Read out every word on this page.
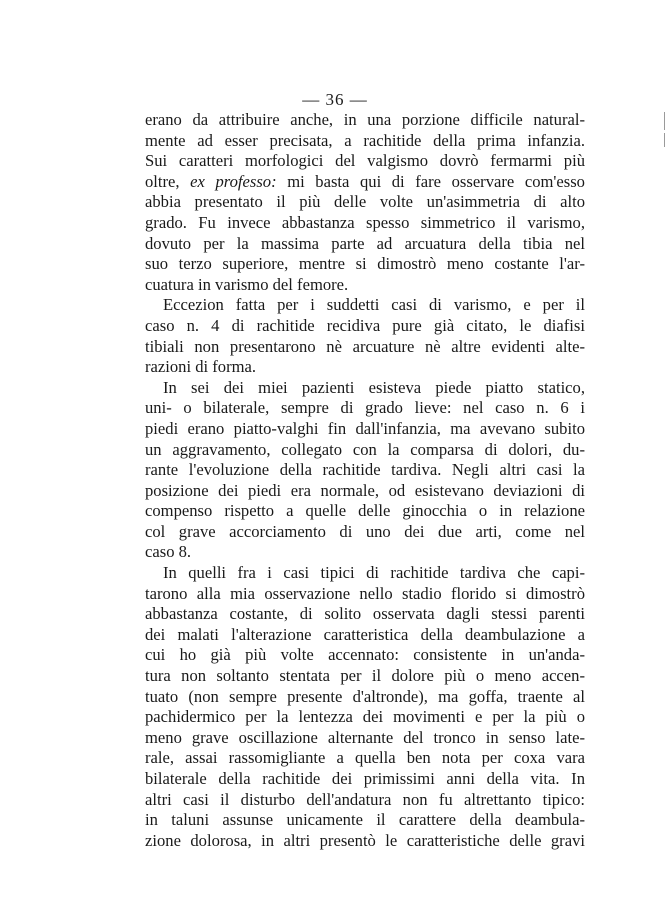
— 36 —
erano da attribuire anche, in una porzione difficile natural-
mente ad esser precisata, a rachitide della prima infanzia.
Sui caratteri morfologici del valgismo dovrò fermarmi più
oltre, ex professo: mi basta qui di fare osservare com'esso
abbia presentato il più delle volte un'asimmetria di alto
grado. Fu invece abbastanza spesso simmetrico il varismo,
dovuto per la massima parte ad arcuatura della tibia nel
suo terzo superiore, mentre si dimostrò meno costante l'ar-
cuatura in varismo del femore.
Eccezion fatta per i suddetti casi di varismo, e per il
caso n. 4 di rachitide recidiva pure già citato, le diafisi
tibiali non presentarono nè arcuature nè altre evidenti alte-
razioni di forma.
In sei dei miei pazienti esisteva piede piatto statico,
uni- o bilaterale, sempre di grado lieve: nel caso n. 6 i
piedi erano piatto-valghi fin dall'infanzia, ma avevano subito
un aggravamento, collegato con la comparsa di dolori, du-
rante l'evoluzione della rachitide tardiva. Negli altri casi la
posizione dei piedi era normale, od esistevano deviazioni di
compenso rispetto a quelle delle ginocchia o in relazione
col grave accorciamento di uno dei due arti, come nel
caso 8.
In quelli fra i casi tipici di rachitide tardiva che capi-
tarono alla mia osservazione nello stadio florido si dimostrò
abbastanza costante, di solito osservata dagli stessi parenti
dei malati l'alterazione caratteristica della deambulazione a
cui ho già più volte accennato: consistente in un'anda-
tura non soltanto stentata per il dolore più o meno accen-
tuato (non sempre presente d'altronde), ma goffa, traente al
pachidermico per la lentezza dei movimenti e per la più o
meno grave oscillazione alternante del tronco in senso late-
rale, assai rassomigliante a quella ben nota per coxa vara
bilaterale della rachitide dei primissimi anni della vita. In
altri casi il disturbo dell'andatura non fu altrettanto tipico:
in taluni assunse unicamente il carattere della deambula-
zione dolorosa, in altri presentò le caratteristiche delle gravi
